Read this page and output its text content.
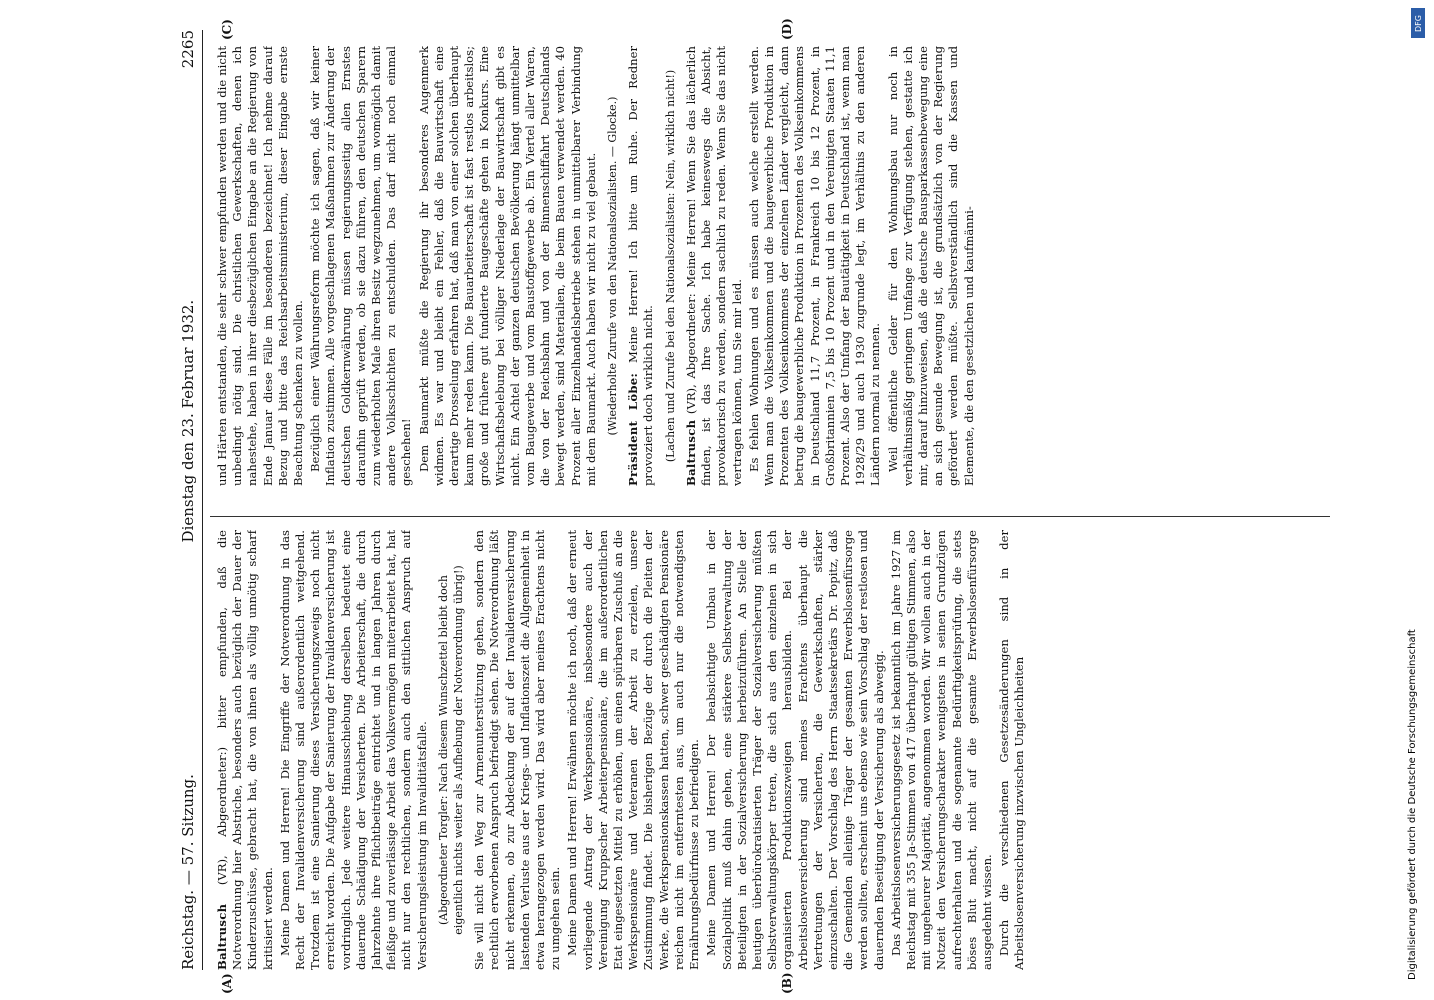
Reichstag. — 57. Sitzung.
Dienstag den 23. Februar 1932.
2265
(A)	(B)
(C)	(D)

Baltrusch (VR), Abgeordneter:) bitter empfunden, daß die Notverordnung hier Abstriche, besonders auch bezüglich der Dauer der Kinderzuschüsse, gebracht hat, die von ihnen als völlig unnötig scharf kritisiert werden. Meine Damen und Herren! Die Eingriffe der Notverordnung in das Recht der Invalidenversicherung sind außerordentlich weitgehend. Trotzdem ist eine Sanierung dieses Versicherungszweigs noch nicht erreicht worden. Die Aufgabe der Sanierung der Invalidenversicherung ist vordringlich. Jede weitere Hinausschiebung derselben bedeutet eine dauernde Schädigung der Versicherten. Die Arbeiterschaft, die durch Jahrzehnte ihre Pflichtbeiträge entrichtet und in langen Jahren durch fleißige und zuverlässige Arbeit das Volksvermögen miterarbeitet hat, hat nicht nur den rechtlichen, sondern auch den sittlichen Anspruch auf Versicherungsleistung im Invaliditätsfalle. (Abgeordneter Torgler: Nach diesem Wunschzettel bleibt doch eigentlich nichts weiter als Aufhebung der Notverordnung übrig!) Sie will nicht den Weg zur Armenunterstützung gehen, sondern den rechtlich erworbenen Anspruch befriedigt sehen. Die Notverordnung läßt nicht erkennen, ob zur Abdeckung der auf der Invalidenversicherung lastenden Verluste aus der Kriegs- und Inflationszeit die Allgemeinheit in etwa herangezogen werden wird. Das wird aber meines Erachtens nicht zu umgehen sein. Meine Damen und Herren! Erwähnen möchte ich noch, daß der erneut vorliegende Antrag der Werkspensionäre, insbesondere auch der Vereinigung Kruppscher Arbeiterpensionäre, die im außerordentlichen Etat eingesetzten Mittel zu erhöhen, um einen spürbaren Zuschuß an die Werkspensionäre und Veteranen der Arbeit zu erzielen, unsere Zustimmung findet. Die bisherigen Bezüge der durch die Pleiten der Werke, die Werkspensionskassen hatten, schwer geschädigten Pensionäre reichen nicht im entferntesten aus, um auch nur die notwendigsten Ernährungsbedürfnisse zu befriedigen. Meine Damen und Herren! Der beabsichtigte Umbau in der Sozialpolitik muß dahin gehen, eine stärkere Selbstverwaltung der Beteiligten in der Sozialversicherung herbeizuführen. An Stelle der heutigen überbürokratisierten Träger der Sozialversicherung müßten Selbstverwaltungskörper treten, die sich aus den einzelnen in sich organisierten Produktionszweigen herausbilden. Bei der Arbeitslosenversicherung sind meines Erachtens überhaupt die Vertretungen der Versicherten, die Gewerkschaften, stärker einzuschalten. Der Vorschlag des Herrn Staatssekretärs Dr. Popitz, daß die Gemeinden alleinige Träger der gesamten Erwerbslosenfürsorge werden sollten, erscheint uns ebenso wie sein Vorschlag der restlosen und dauernden Beseitigung der Versicherung als abwegig. Das Arbeitslosenversicherungsgesetz ist bekanntlich im Jahre 1927 im Reichstag mit 355 Ja-Stimmen von 417 überhaupt gültigen Stimmen, also mit ungeheurer Majorität, angenommen worden. Wir wollen auch in der Notzeit den Versicherungscharakter wenigstens in seinen Grundzügen aufrechterhalten und die sogenannte Bedürftigkeitsprüfung, die stets böses Blut macht, nicht auf die gesamte Erwerbslosenfürsorge ausgedehnt wissen. Durch die verschiedenen Gesetzesänderungen sind in der Arbeitslosenversicherung inzwischen Ungleichheiten

und Härten entstanden, die sehr schwer empfunden werden und die nicht unbedingt nötig sind. Die christlichen Gewerkschaften, denen ich nahestehe, haben in ihrer diesbezüglichen Eingabe an die Regierung von Ende Januar diese Fälle im besonderen bezeichnet! Ich nehme darauf Bezug und bitte das Reichsarbeitsministerium, dieser Eingabe ernste Beachtung schenken zu wollen. Bezüglich einer Währungsreform möchte ich sagen, daß wir keiner Inflation zustimmen. Alle vorgeschlagenen Maßnahmen zur Änderung der deutschen Goldkernwährung müssen regierungsseitig allen Ernstes daraufhin geprüft werden, ob sie dazu führen, den deutschen Sparern zum wiederholten Male ihren Besitz wegzunehmen, um womöglich damit andere Volksschichten zu entschulden. Das darf nicht noch einmal geschehen! Dem Baumarkt müßte die Regierung ihr besonderes Augenmerk widmen. Es war und bleibt ein Fehler, daß die Bauwirtschaft eine derartige Drosselung erfahren hat, daß man von einer solchen überhaupt kaum mehr reden kann. Die Bauarbeiterschaft ist fast restlos arbeitslos; große und frühere gut fundierte Baugeschäfte gehen in Konkurs. Eine Wirtschaftsbelebung bei völliger Niederlage der Bauwirtschaft gibt es nicht. Ein Achtel der ganzen deutschen Bevölkerung hängt unmittelbar vom Baugewerbe und vom Baustoffgewerbe ab. Ein Viertel aller Waren, die von der Reichsbahn und von der Binnenschiffahrt Deutschlands bewegt werden, sind Materialien, die beim Bauen verwendet werden. 40 Prozent aller Einzelhandelsbetriebe stehen in unmittelbarer Verbindung mit dem Baumarkt. Auch haben wir nicht zu viel gebaut. (Wiederholte Zurufe von den Nationalsozialisten. — Glocke.) Präsident Löbe: Meine Herren! Ich bitte um Ruhe. Der Redner provoziert doch wirklich nicht. (Lachen und Zurufe bei den Nationalsozialisten: Nein, wirklich nicht!) Baltrusch (VR), Abgeordneter: Meine Herren! Wenn Sie das lächerlich finden, ist das Ihre Sache. Ich habe keineswegs die Absicht, provokatorisch zu werden, sondern sachlich zu reden. Wenn Sie das nicht vertragen können, tun Sie mir leid. Es fehlen Wohnungen und es müssen auch welche erstellt werden. Wenn man die Volkseinkommen und die baugewerbliche Produktion in Prozenten des Volkseinkommens der einzelnen Länder vergleicht, dann betrug die baugewerbliche Produktion in Prozenten des Volkseinkommens in Deutschland 11,7 Prozent, in Frankreich 10 bis 12 Prozent, in Großbritannien 7,5 bis 10 Prozent und in den Vereinigten Staaten 11,1 Prozent. Also der Umfang der Bautätigkeit in Deutschland ist, wenn man 1928/29 und auch 1930 zugrunde legt, im Verhältnis zu den anderen Ländern normal zu nennen. Weil öffentliche Gelder für den Wohnungsbau nur noch in verhältnismäßig geringem Umfange zur Verfügung stehen, gestatte ich mir, darauf hinzuweisen, daß die deutsche Bausparkassenbewegung eine an sich gesunde Bewegung ist, die grundsätzlich von der Regierung gefördert werden müßte. Selbstverständlich sind die Kassen und Elemente, die den gesetzlichen und kaufmänni-

DFG
Digitalisierung gefördert durch die Deutsche Forschungsgemeinschaft
